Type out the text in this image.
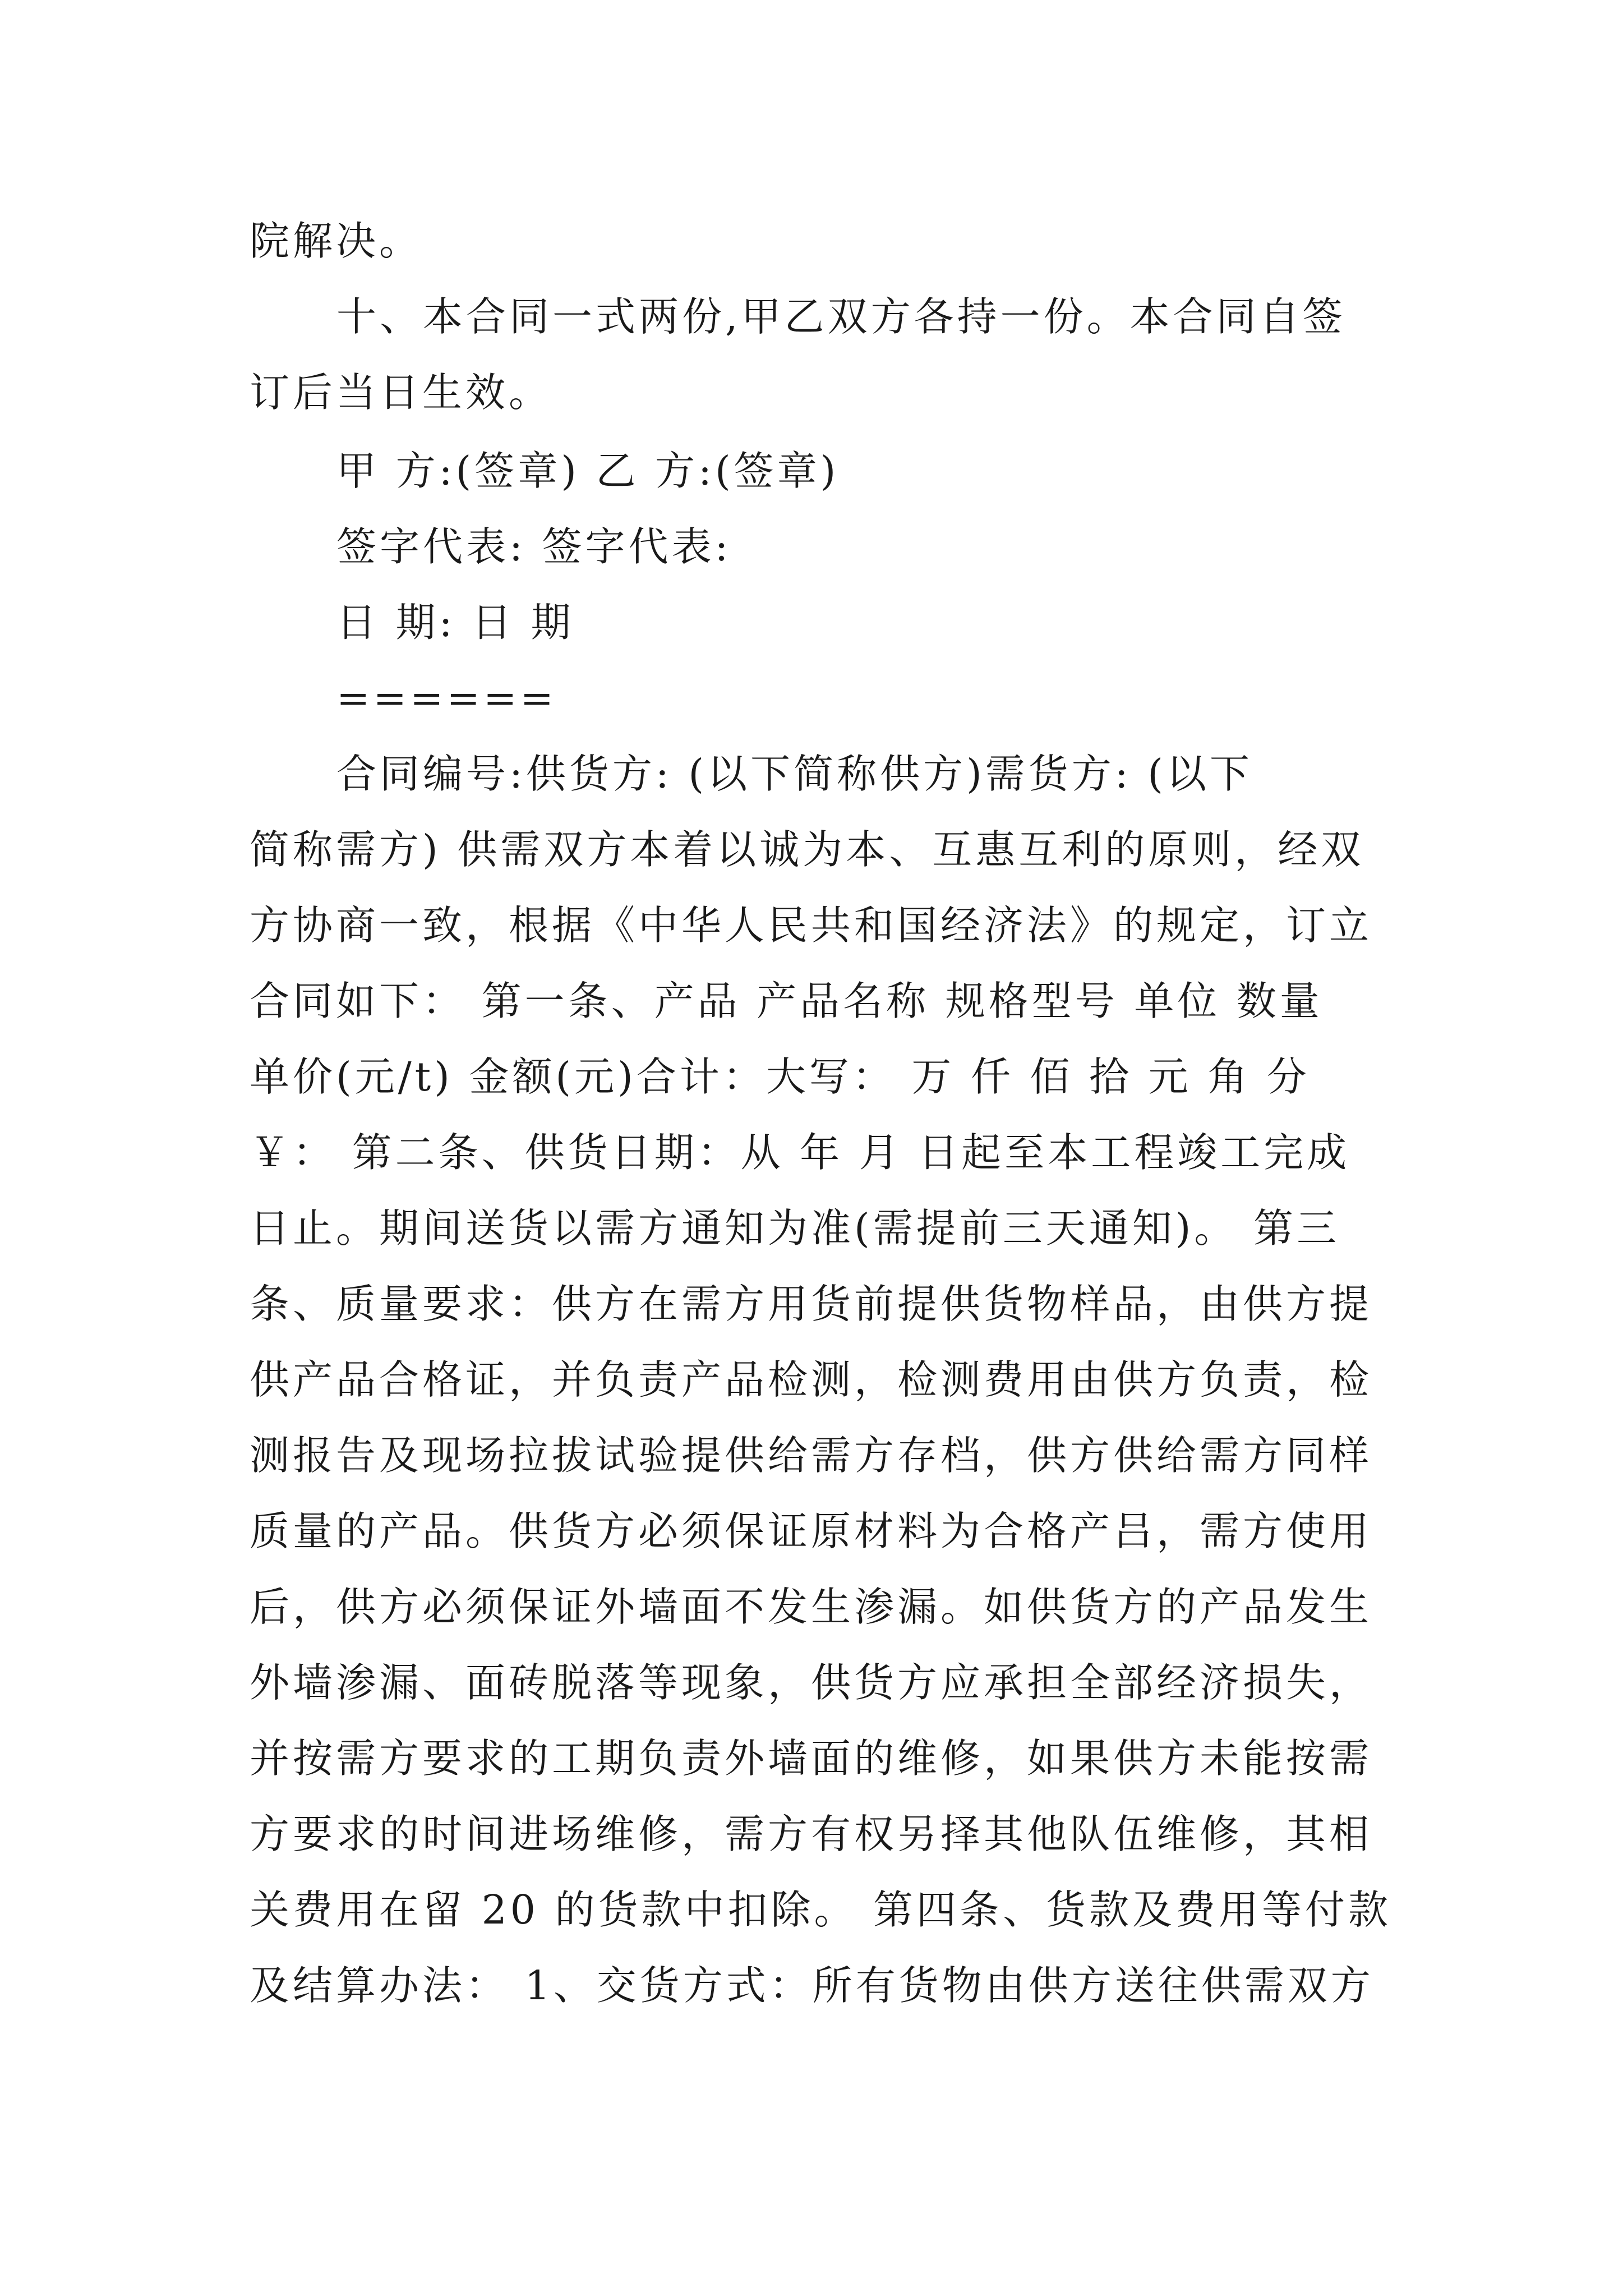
院解决。
十、本合同一式两份,甲乙双方各持一份。本合同自签
订后当日生效。
甲 方:(签章) 乙 方:(签章)
签字代表: 签字代表:
日 期: 日 期
======
合同编号:供货方: (以下简称供方)需货方: (以下
简称需方) 供需双方本着以诚为本、互惠互利的原则，经双
方协商一致，根据《中华人民共和国经济法》的规定，订立
合同如下： 第一条、产品 产品名称 规格型号 单位 数量
单价(元/t) 金额(元)合计：大写： 万 仟 佰 拾 元 角 分
￥： 第二条、供货日期：从 年 月 日起至本工程竣工完成
日止。期间送货以需方通知为准(需提前三天通知)。 第三
条、质量要求：供方在需方用货前提供货物样品，由供方提
供产品合格证，并负责产品检测，检测费用由供方负责，检
测报告及现场拉拔试验提供给需方存档，供方供给需方同样
质量的产品。供货方必须保证原材料为合格产吕，需方使用
后，供方必须保证外墙面不发生渗漏。如供货方的产品发生
外墙渗漏、面砖脱落等现象，供货方应承担全部经济损失，
并按需方要求的工期负责外墙面的维修，如果供方未能按需
方要求的时间进场维修，需方有权另择其他队伍维修，其相
关费用在留 20 的货款中扣除。 第四条、货款及费用等付款
及结算办法： 1、交货方式：所有货物由供方送往供需双方
